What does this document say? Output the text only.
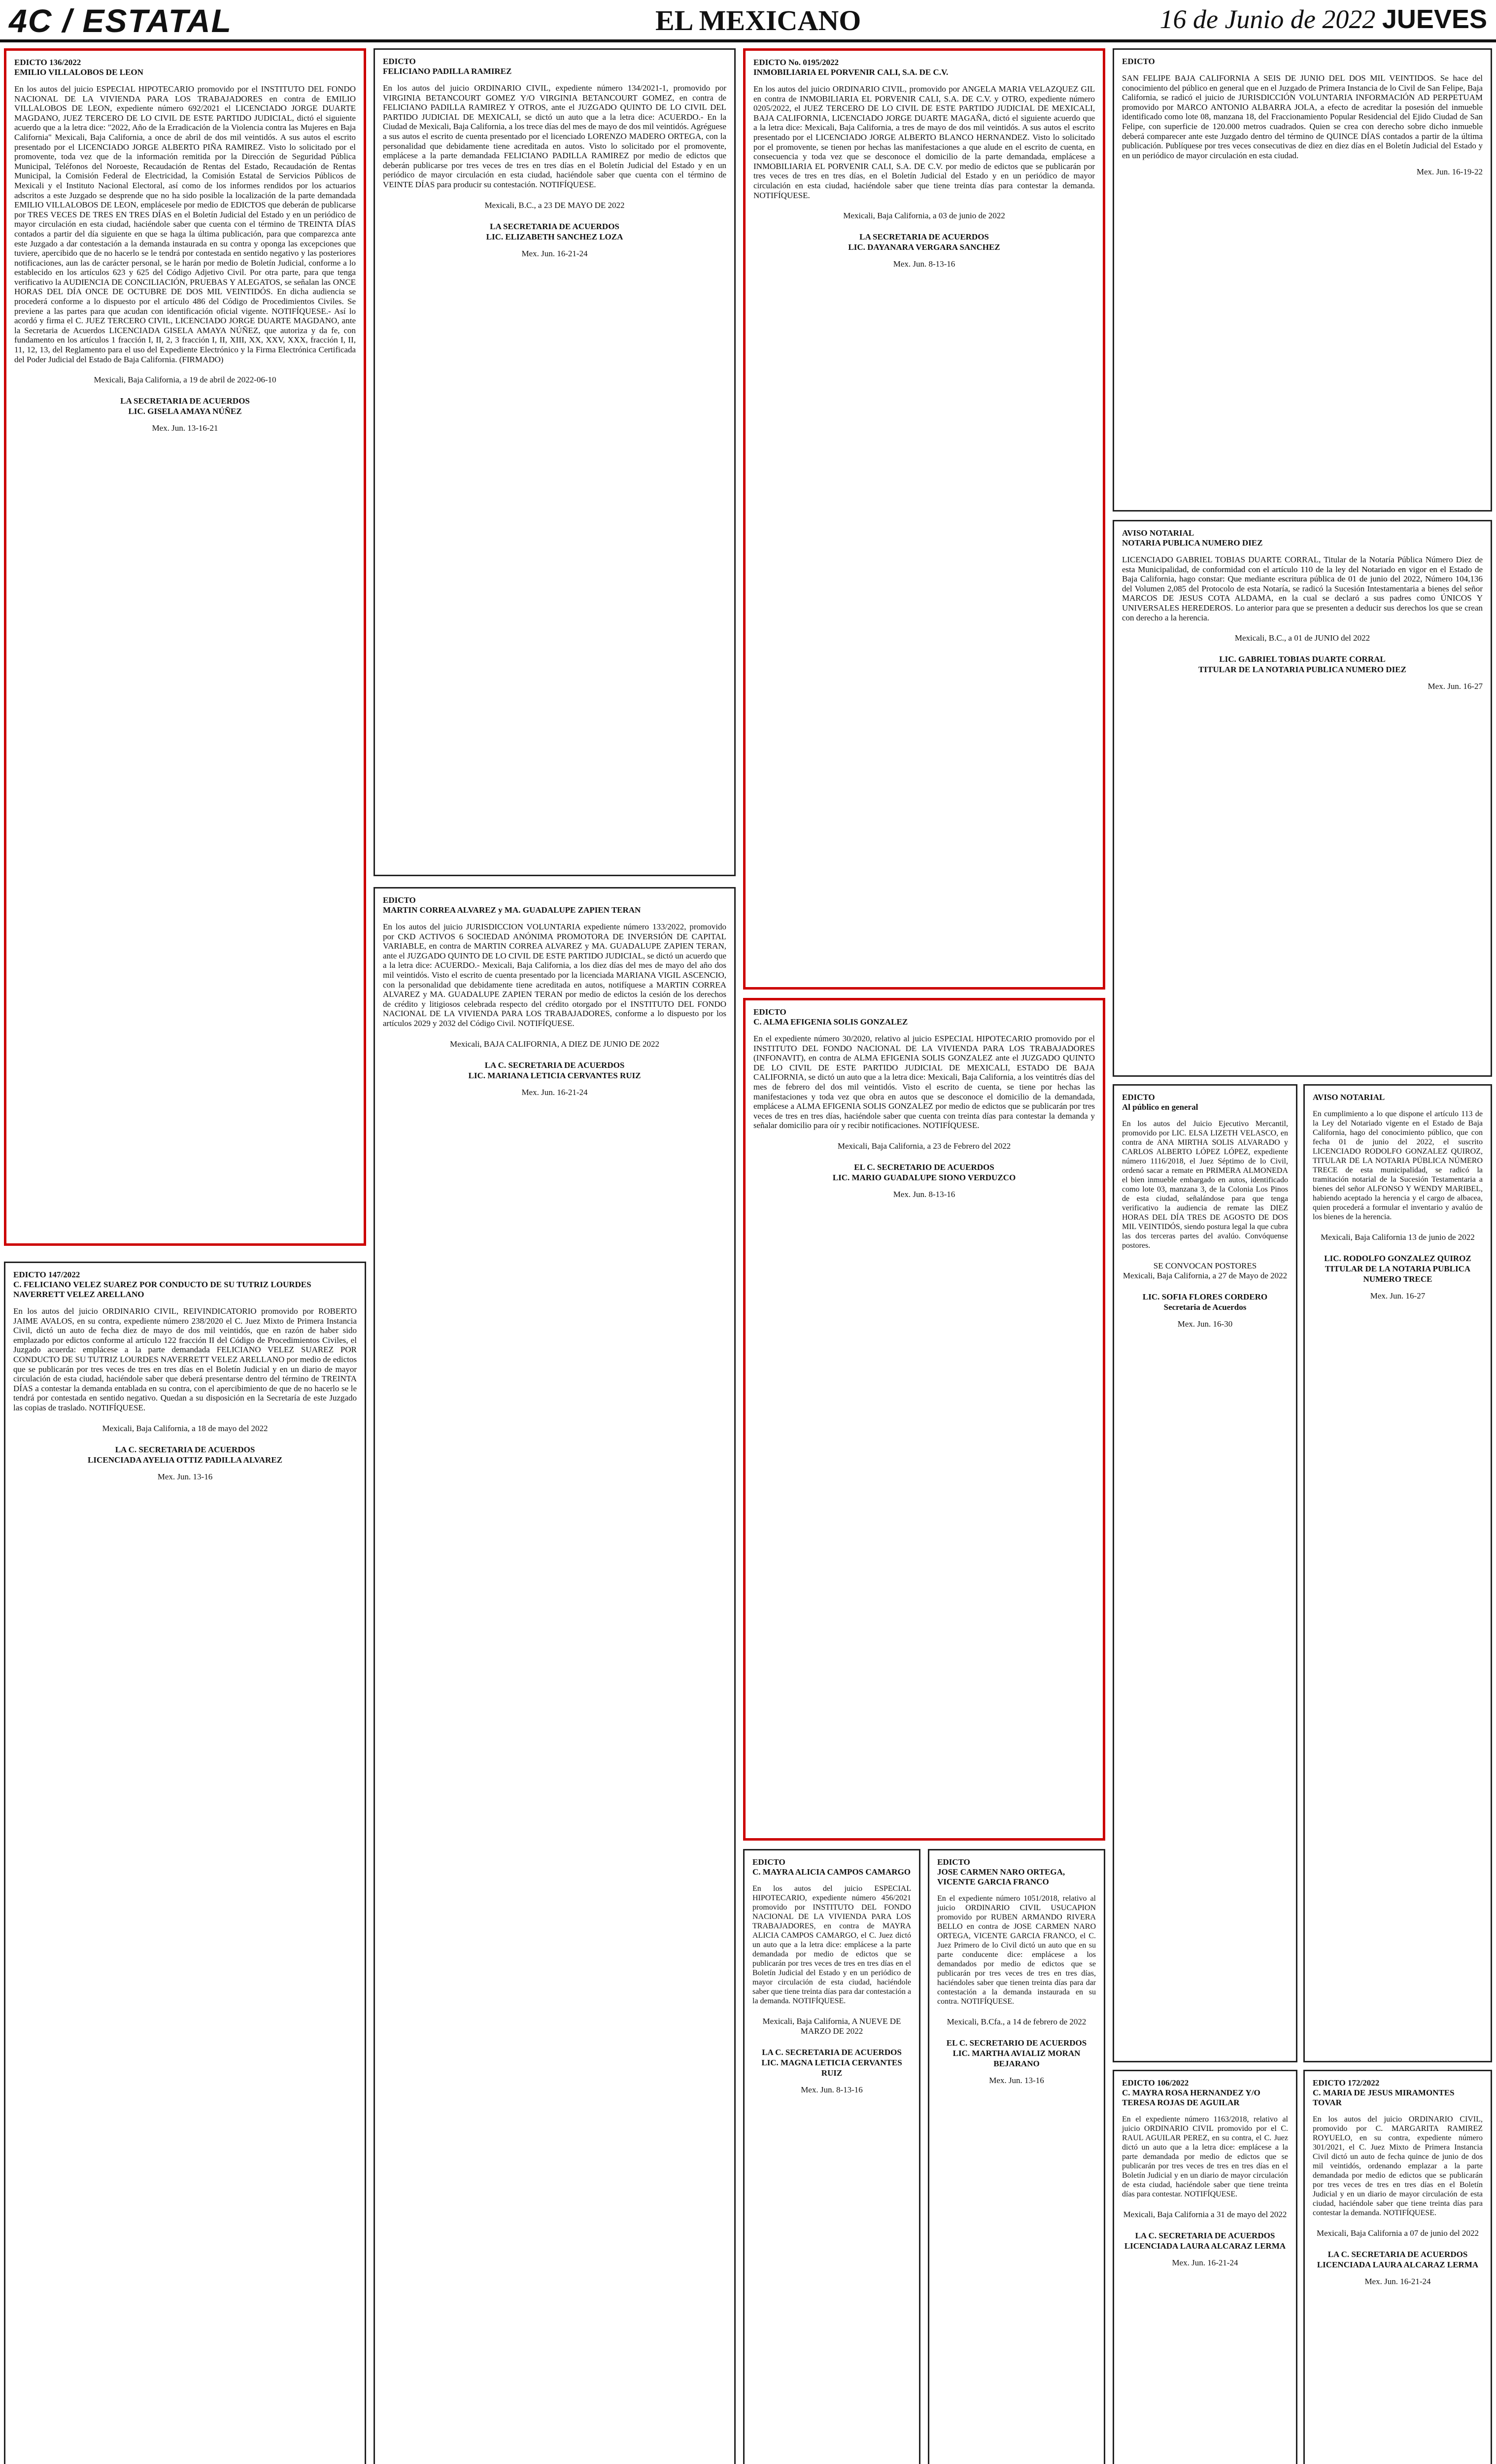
4C / ESTATAL	EL MEXICANO	16 de Junio de 2022 JUEVES
EDICTO 136/2022
EMILIO VILLALOBOS DE LEON
En los autos del juicio ESPECIAL HIPOTECARIO promovido por el INSTITUTO DEL FONDO NACIONAL DE LA VIVIENDA PARA LOS TRABAJADORES en contra de EMILIO VILLALOBOS DE LEON, expediente número 692/2021 el LICENCIADO JORGE DUARTE MAGDANO, JUEZ TERCERO DE LO CIVIL DE ESTE PARTIDO JUDICIAL, dictó el siguiente acuerdo que a la letra dice: "2022, Año de la Erradicación de la Violencia contra las Mujeres en Baja California" Mexicali, Baja California, a once de abril de dos mil veintidós. A sus autos el escrito presentado por el LICENCIADO JORGE ALBERTO PIÑA RAMIREZ. Visto lo solicitado por el promovente, toda vez que de la información remitida por la Dirección de Seguridad Pública Municipal, Teléfonos del Noroeste, Recaudación de Rentas del Estado, Recaudación de Rentas Municipal, la Comisión Federal de Electricidad, la Comisión Estatal de Servicios Públicos de Mexicali y el Instituto Nacional Electoral, así como de los informes rendidos por los actuarios adscritos a este Juzgado se desprende que no ha sido posible la localización de la parte demandada EMILIO VILLALOBOS DE LEON, emplácesele por medio de EDICTOS que deberán de publicarse por TRES VECES DE TRES EN TRES DÍAS en el Boletín Judicial del Estado y en un periódico de mayor circulación en esta ciudad, haciéndole saber que cuenta con el término de TREINTA DÍAS contados a partir del día siguiente en que se haga la última publicación, para que comparezca ante este Juzgado a dar contestación a la demanda instaurada en su contra y oponga las excepciones que tuviere, apercibido que de no hacerlo se le tendrá por contestada en sentido negativo y las posteriores notificaciones, aun las de carácter personal, se le harán por medio de Boletín Judicial, conforme a lo establecido en los artículos 623 y 625 del Código Adjetivo Civil. Por otra parte, para que tenga verificativo la AUDIENCIA DE CONCILIACIÓN, PRUEBAS Y ALEGATOS, se señalan las ONCE HORAS DEL DÍA ONCE DE OCTUBRE DE DOS MIL VEINTIDÓS. En dicha audiencia se procederá conforme a lo dispuesto por el artículo 486 del Código de Procedimientos Civiles. Se previene a las partes para que acudan con identificación oficial vigente. NOTIFÍQUESE.- Así lo acordó y firma el C. JUEZ TERCERO CIVIL, LICENCIADO JORGE DUARTE MAGDANO, ante la Secretaria de Acuerdos LICENCIADA GISELA AMAYA NÚÑEZ, que autoriza y da fe, con fundamento en los artículos 1 fracción I, II, 2, 3 fracción I, II, XIII, XX, XXV, XXX, fracción I, II, 11, 12, 13, del Reglamento para el uso del Expediente Electrónico y la Firma Electrónica Certificada del Poder Judicial del Estado de Baja California. (FIRMADO)
Mexicali, Baja California, a 19 de abril de 2022-06-10
LA SECRETARIA DE ACUERDOS
LIC. GISELA AMAYA NÚÑEZ
Mex. Jun. 13-16-21
EDICTO 147/2022
C. FELICIANO VELEZ SUAREZ POR CONDUCTO DE SU TUTRIZ LOURDES NAVERRETT VELEZ ARELLANO
En los autos del juicio ORDINARIO CIVIL, REIVINDICATORIO promovido por ROBERTO JAIME AVALOS, en su contra, expediente número 238/2020 el C. Juez Mixto de Primera Instancia Civil, dictó un auto de fecha diez de mayo de dos mil veintidós, que en razón de haber sido emplazado por edictos conforme al artículo 122 fracción II del Código de Procedimientos Civiles, el Juzgado acuerda: emplácese a la parte demandada FELICIANO VELEZ SUAREZ POR CONDUCTO DE SU TUTRIZ LOURDES NAVERRETT VELEZ ARELLANO por medio de edictos que se publicarán por tres veces de tres en tres días en el Boletín Judicial y en un diario de mayor circulación de esta ciudad, haciéndole saber que deberá presentarse dentro del término de TREINTA DÍAS a contestar la demanda entablada en su contra, con el apercibimiento de que de no hacerlo se le tendrá por contestada en sentido negativo. Quedan a su disposición en la Secretaría de este Juzgado las copias de traslado. NOTIFÍQUESE.
Mexicali, Baja California, a 18 de mayo del 2022
LA C. SECRETARIA DE ACUERDOS
LICENCIADA AYELIA OTTIZ PADILLA ALVAREZ
Mex. Jun. 13-16
EDICTO
FELICIANO PADILLA RAMIREZ
En los autos del juicio ORDINARIO CIVIL, expediente número 134/2021-1, promovido por VIRGINIA BETANCOURT GOMEZ Y/O VIRGINIA BETANCOURT GOMEZ, en contra de FELICIANO PADILLA RAMIREZ Y OTROS, ante el JUZGADO QUINTO DE LO CIVIL DEL PARTIDO JUDICIAL DE MEXICALI, se dictó un auto que a la letra dice: ACUERDO.- En la Ciudad de Mexicali, Baja California, a los trece días del mes de mayo de dos mil veintidós. Agréguese a sus autos el escrito de cuenta presentado por el licenciado LORENZO MADERO ORTEGA, con la personalidad que debidamente tiene acreditada en autos. Visto lo solicitado por el promovente, emplácese a la parte demandada FELICIANO PADILLA RAMIREZ por medio de edictos que deberán publicarse por tres veces de tres en tres días en el Boletín Judicial del Estado y en un periódico de mayor circulación en esta ciudad, haciéndole saber que cuenta con el término de VEINTE DÍAS para producir su contestación. NOTIFÍQUESE.
Mexicali, B.C., a 23 DE MAYO DE 2022
LA SECRETARIA DE ACUERDOS
LIC. ELIZABETH SANCHEZ LOZA
Mex. Jun. 16-21-24
EDICTO
MARTIN CORREA ALVAREZ y MA. GUADALUPE ZAPIEN TERAN
En los autos del juicio JURISDICCION VOLUNTARIA expediente número 133/2022, promovido por CKD ACTIVOS 6 SOCIEDAD ANÓNIMA PROMOTORA DE INVERSIÓN DE CAPITAL VARIABLE, en contra de MARTIN CORREA ALVAREZ y MA. GUADALUPE ZAPIEN TERAN, ante el JUZGADO QUINTO DE LO CIVIL DE ESTE PARTIDO JUDICIAL, se dictó un acuerdo que a la letra dice: ACUERDO.- Mexicali, Baja California, a los diez días del mes de mayo del año dos mil veintidós. Visto el escrito de cuenta presentado por la licenciada MARIANA VIGIL ASCENCIO, con la personalidad que debidamente tiene acreditada en autos, notifíquese a MARTIN CORREA ALVAREZ y MA. GUADALUPE ZAPIEN TERAN por medio de edictos la cesión de los derechos de crédito y litigiosos celebrada respecto del crédito otorgado por el INSTITUTO DEL FONDO NACIONAL DE LA VIVIENDA PARA LOS TRABAJADORES, conforme a lo dispuesto por los artículos 2029 y 2032 del Código Civil. NOTIFÍQUESE.
Mexicali, BAJA CALIFORNIA, A DIEZ DE JUNIO DE 2022
LA C. SECRETARIA DE ACUERDOS
LIC. MARIANA LETICIA CERVANTES RUIZ
Mex. Jun. 16-21-24
EDICTO No. 0195/2022
INMOBILIARIA EL PORVENIR CALI, S.A. DE C.V.
En los autos del juicio ORDINARIO CIVIL, promovido por ANGELA MARIA VELAZQUEZ GIL en contra de INMOBILIARIA EL PORVENIR CALI, S.A. DE C.V. y OTRO, expediente número 0205/2022, el JUEZ TERCERO DE LO CIVIL DE ESTE PARTIDO JUDICIAL DE MEXICALI, BAJA CALIFORNIA, LICENCIADO JORGE DUARTE MAGAÑA, dictó el siguiente acuerdo que a la letra dice: Mexicali, Baja California, a tres de mayo de dos mil veintidós. A sus autos el escrito presentado por el LICENCIADO JORGE ALBERTO BLANCO HERNANDEZ. Visto lo solicitado por el promovente, se tienen por hechas las manifestaciones a que alude en el escrito de cuenta, en consecuencia y toda vez que se desconoce el domicilio de la parte demandada, emplácese a INMOBILIARIA EL PORVENIR CALI, S.A. DE C.V. por medio de edictos que se publicarán por tres veces de tres en tres días, en el Boletín Judicial del Estado y en un periódico de mayor circulación en esta ciudad, haciéndole saber que tiene treinta días para contestar la demanda. NOTIFÍQUESE.
Mexicali, Baja California, a 03 de junio de 2022
LA SECRETARIA DE ACUERDOS
LIC. DAYANARA VERGARA SANCHEZ
Mex. Jun. 8-13-16
EDICTO
C. ALMA EFIGENIA SOLIS GONZALEZ
En el expediente número 30/2020, relativo al juicio ESPECIAL HIPOTECARIO promovido por el INSTITUTO DEL FONDO NACIONAL DE LA VIVIENDA PARA LOS TRABAJADORES (INFONAVIT), en contra de ALMA EFIGENIA SOLIS GONZALEZ ante el JUZGADO QUINTO DE LO CIVIL DE ESTE PARTIDO JUDICIAL DE MEXICALI, ESTADO DE BAJA CALIFORNIA, se dictó un auto que a la letra dice: Mexicali, Baja California, a los veintitrés días del mes de febrero del dos mil veintidós. Visto el escrito de cuenta, se tiene por hechas las manifestaciones y toda vez que obra en autos que se desconoce el domicilio de la demandada, emplácese a ALMA EFIGENIA SOLIS GONZALEZ por medio de edictos que se publicarán por tres veces de tres en tres días, haciéndole saber que cuenta con treinta días para contestar la demanda y señalar domicilio para oír y recibir notificaciones. NOTIFÍQUESE.
Mexicali, Baja California, a 23 de Febrero del 2022
EL C. SECRETARIO DE ACUERDOS
LIC. MARIO GUADALUPE SIONO VERDUZCO
Mex. Jun. 8-13-16
EDICTO
C. MAYRA ALICIA CAMPOS CAMARGO
En los autos del juicio ESPECIAL HIPOTECARIO, expediente número 456/2021 promovido por INSTITUTO DEL FONDO NACIONAL DE LA VIVIENDA PARA LOS TRABAJADORES, en contra de MAYRA ALICIA CAMPOS CAMARGO, el C. Juez dictó un auto que a la letra dice: emplácese a la parte demandada por medio de edictos que se publicarán por tres veces de tres en tres días en el Boletín Judicial del Estado y en un periódico de mayor circulación de esta ciudad, haciéndole saber que tiene treinta días para dar contestación a la demanda. NOTIFÍQUESE.
Mexicali, Baja California, A NUEVE DE MARZO DE 2022
LA C. SECRETARIA DE ACUERDOS
LIC. MAGNA LETICIA CERVANTES RUIZ
Mex. Jun. 8-13-16
EDICTO
JOSE CARMEN NARO ORTEGA, VICENTE GARCIA FRANCO
En el expediente número 1051/2018, relativo al juicio ORDINARIO CIVIL USUCAPION promovido por RUBEN ARMANDO RIVERA BELLO en contra de JOSE CARMEN NARO ORTEGA, VICENTE GARCIA FRANCO, el C. Juez Primero de lo Civil dictó un auto que en su parte conducente dice: emplácese a los demandados por medio de edictos que se publicarán por tres veces de tres en tres días, haciéndoles saber que tienen treinta días para dar contestación a la demanda instaurada en su contra. NOTIFÍQUESE.
Mexicali, B.Cfa., a 14 de febrero de 2022
EL C. SECRETARIO DE ACUERDOS
LIC. MARTHA AVIALIZ MORAN BEJARANO
Mex. Jun. 13-16
EDICTO
SAN FELIPE BAJA CALIFORNIA A SEIS DE JUNIO DEL DOS MIL VEINTIDOS. Se hace del conocimiento del público en general que en el Juzgado de Primera Instancia de lo Civil de San Felipe, Baja California, se radicó el juicio de JURISDICCIÓN VOLUNTARIA INFORMACIÓN AD PERPETUAM promovido por MARCO ANTONIO ALBARRA JOLA, a efecto de acreditar la posesión del inmueble identificado como lote 08, manzana 18, del Fraccionamiento Popular Residencial del Ejido Ciudad de San Felipe, con superficie de 120.000 metros cuadrados. Quien se crea con derecho sobre dicho inmueble deberá comparecer ante este Juzgado dentro del término de QUINCE DÍAS contados a partir de la última publicación. Publíquese por tres veces consecutivas de diez en diez días en el Boletín Judicial del Estado y en un periódico de mayor circulación en esta ciudad.
Mex. Jun. 16-19-22
AVISO NOTARIAL
NOTARIA PUBLICA NUMERO DIEZ
LICENCIADO GABRIEL TOBIAS DUARTE CORRAL, Titular de la Notaría Pública Número Diez de esta Municipalidad, de conformidad con el artículo 110 de la ley del Notariado en vigor en el Estado de Baja California, hago constar: Que mediante escritura pública de 01 de junio del 2022, Número 104,136 del Volumen 2,085 del Protocolo de esta Notaría, se radicó la Sucesión Intestamentaria a bienes del señor MARCOS DE JESUS COTA ALDAMA, en la cual se declaró a sus padres como ÚNICOS Y UNIVERSALES HEREDEROS. Lo anterior para que se presenten a deducir sus derechos los que se crean con derecho a la herencia.
Mexicali, B.C., a 01 de JUNIO del 2022
LIC. GABRIEL TOBIAS DUARTE CORRAL
TITULAR DE LA NOTARIA PUBLICA NUMERO DIEZ
Mex. Jun. 16-27
EDICTO
Al público en general
En los autos del Juicio Ejecutivo Mercantil, promovido por LIC. ELSA LIZETH VELASCO, en contra de ANA MIRTHA SOLIS ALVARADO y CARLOS ALBERTO LÓPEZ LÓPEZ, expediente número 1116/2018, el Juez Séptimo de lo Civil, ordenó sacar a remate en PRIMERA ALMONEDA el bien inmueble embargado en autos, identificado como lote 03, manzana 3, de la Colonia Los Pinos de esta ciudad, señalándose para que tenga verificativo la audiencia de remate las DIEZ HORAS DEL DÍA TRES DE AGOSTO DE DOS MIL VEINTIDÓS, siendo postura legal la que cubra las dos terceras partes del avalúo. Convóquense postores.
SE CONVOCAN POSTORES
Mexicali, Baja California, a 27 de Mayo de 2022
LIC. SOFIA FLORES CORDERO
Secretaria de Acuerdos
Mex. Jun. 16-30
AVISO NOTARIAL
En cumplimiento a lo que dispone el artículo 113 de la Ley del Notariado vigente en el Estado de Baja California, hago del conocimiento público, que con fecha 01 de junio del 2022, el suscrito LICENCIADO RODOLFO GONZALEZ QUIROZ, TITULAR DE LA NOTARIA PÚBLICA NÚMERO TRECE de esta municipalidad, se radicó la tramitación notarial de la Sucesión Testamentaria a bienes del señor ALFONSO Y WENDY MARIBEL, habiendo aceptado la herencia y el cargo de albacea, quien procederá a formular el inventario y avalúo de los bienes de la herencia.
Mexicali, Baja California 13 de junio de 2022
LIC. RODOLFO GONZALEZ QUIROZ
TITULAR DE LA NOTARIA PUBLICA NUMERO TRECE
Mex. Jun. 16-27
EDICTO 106/2022
C. MAYRA ROSA HERNANDEZ Y/O TERESA ROJAS DE AGUILAR
En el expediente número 1163/2018, relativo al juicio ORDINARIO CIVIL promovido por el C. RAUL AGUILAR PEREZ, en su contra, el C. Juez dictó un auto que a la letra dice: emplácese a la parte demandada por medio de edictos que se publicarán por tres veces de tres en tres días en el Boletín Judicial y en un diario de mayor circulación de esta ciudad, haciéndole saber que tiene treinta días para contestar. NOTIFÍQUESE.
Mexicali, Baja California a 31 de mayo del 2022
LA C. SECRETARIA DE ACUERDOS
LICENCIADA LAURA ALCARAZ LERMA
Mex. Jun. 16-21-24
EDICTO 172/2022
C. MARIA DE JESUS MIRAMONTES TOVAR
En los autos del juicio ORDINARIO CIVIL, promovido por C. MARGARITA RAMIREZ ROYUELO, en su contra, expediente número 301/2021, el C. Juez Mixto de Primera Instancia Civil dictó un auto de fecha quince de junio de dos mil veintidós, ordenando emplazar a la parte demandada por medio de edictos que se publicarán por tres veces de tres en tres días en el Boletín Judicial y en un diario de mayor circulación de esta ciudad, haciéndole saber que tiene treinta días para contestar la demanda. NOTIFÍQUESE.
Mexicali, Baja California a 07 de junio del 2022
LA C. SECRETARIA DE ACUERDOS
LICENCIADA LAURA ALCARAZ LERMA
Mex. Jun. 16-21-24
